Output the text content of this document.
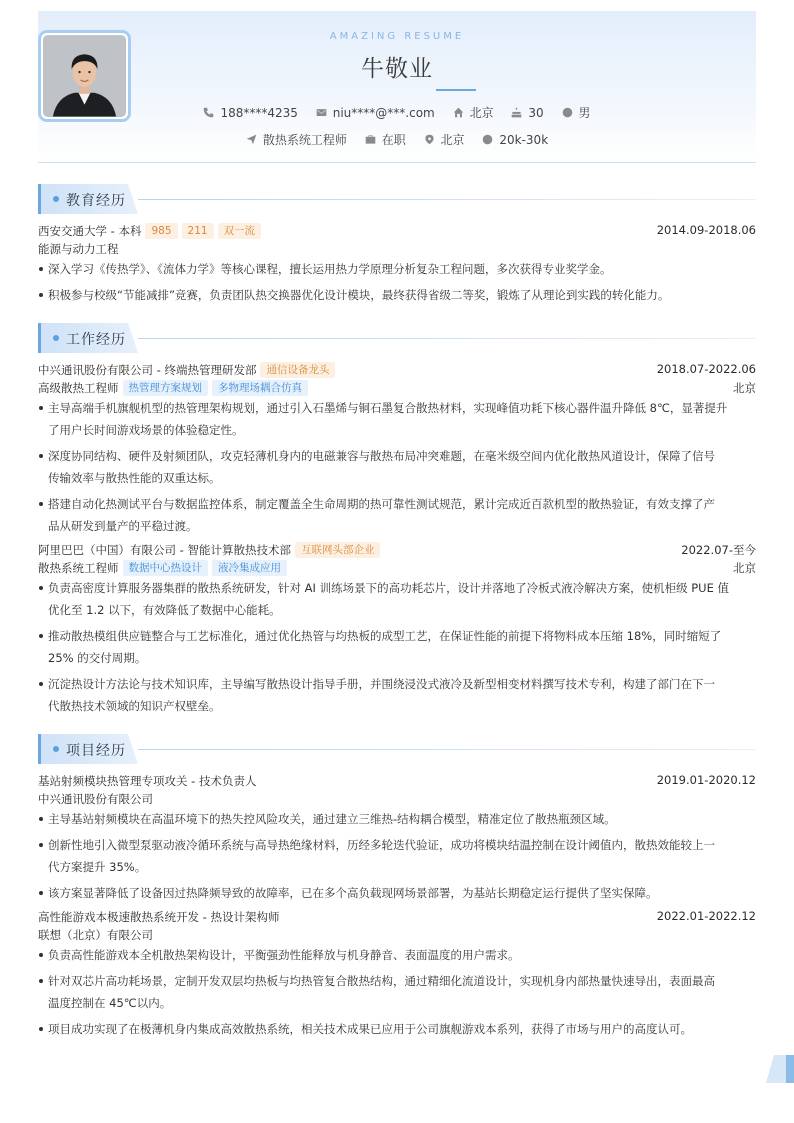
AMAZING RESUME
牛敬业
188****4235
	niu****@***.com
	北京
	30
	男
散热系统工程师
	在职
	北京
	20k-30k
教育经历
西安交通大学 - 本科 985 211 双一流	2014.09-2018.06
能源与动力工程
深入学习《传热学》、《流体力学》等核心课程，擅长运用热力学原理分析复杂工程问题，多次获得专业奖学金。
积极参与校级“节能减排”竞赛，负责团队热交换器优化设计模块，最终获得省级二等奖，锻炼了从理论到实践的转化能力。
工作经历
中兴通讯股份有限公司 - 终端热管理研发部 通信设备龙头	2018.07-2022.06
高级散热工程师 热管理方案规划 多物理场耦合仿真	北京
主导高端手机旗舰机型的热管理架构规划，通过引入石墨烯与铜石墨复合散热材料，实现峰值功耗下核心器件温升降低 8℃，显著提升
了用户长时间游戏场景的体验稳定性。
深度协同结构、硬件及射频团队，攻克轻薄机身内的电磁兼容与散热布局冲突难题，在毫米级空间内优化散热风道设计，保障了信号
传输效率与散热性能的双重达标。
搭建自动化热测试平台与数据监控体系，制定覆盖全生命周期的热可靠性测试规范，累计完成近百款机型的散热验证，有效支撑了产
品从研发到量产的平稳过渡。
阿里巴巴（中国）有限公司 - 智能计算散热技术部 互联网头部企业	2022.07-至今
散热系统工程师 数据中心热设计 液冷集成应用	北京
负责高密度计算服务器集群的散热系统研发，针对 AI 训练场景下的高功耗芯片，设计并落地了冷板式液冷解决方案，使机柜级 PUE 值
优化至 1.2 以下，有效降低了数据中心能耗。
推动散热模组供应链整合与工艺标准化，通过优化热管与均热板的成型工艺，在保证性能的前提下将物料成本压缩 18%，同时缩短了
25% 的交付周期。
沉淀热设计方法论与技术知识库，主导编写散热设计指导手册，并围绕浸没式液冷及新型相变材料撰写技术专利，构建了部门在下一
代散热技术领域的知识产权壁垒。
项目经历
基站射频模块热管理专项攻关 - 技术负责人	2019.01-2020.12
中兴通讯股份有限公司
主导基站射频模块在高温环境下的热失控风险攻关，通过建立三维热-结构耦合模型，精准定位了散热瓶颈区域。
创新性地引入微型泵驱动液冷循环系统与高导热绝缘材料，历经多轮迭代验证，成功将模块结温控制在设计阈值内，散热效能较上一
代方案提升 35%。
该方案显著降低了设备因过热降频导致的故障率，已在多个高负载现网场景部署，为基站长期稳定运行提供了坚实保障。
高性能游戏本极速散热系统开发 - 热设计架构师	2022.01-2022.12
联想（北京）有限公司
负责高性能游戏本全机散热架构设计，平衡强劲性能释放与机身静音、表面温度的用户需求。
针对双芯片高功耗场景，定制开发双层均热板与均热管复合散热结构，通过精细化流道设计，实现机身内部热量快速导出，表面最高
温度控制在 45℃以内。
项目成功实现了在极薄机身内集成高效散热系统，相关技术成果已应用于公司旗舰游戏本系列，获得了市场与用户的高度认可。
